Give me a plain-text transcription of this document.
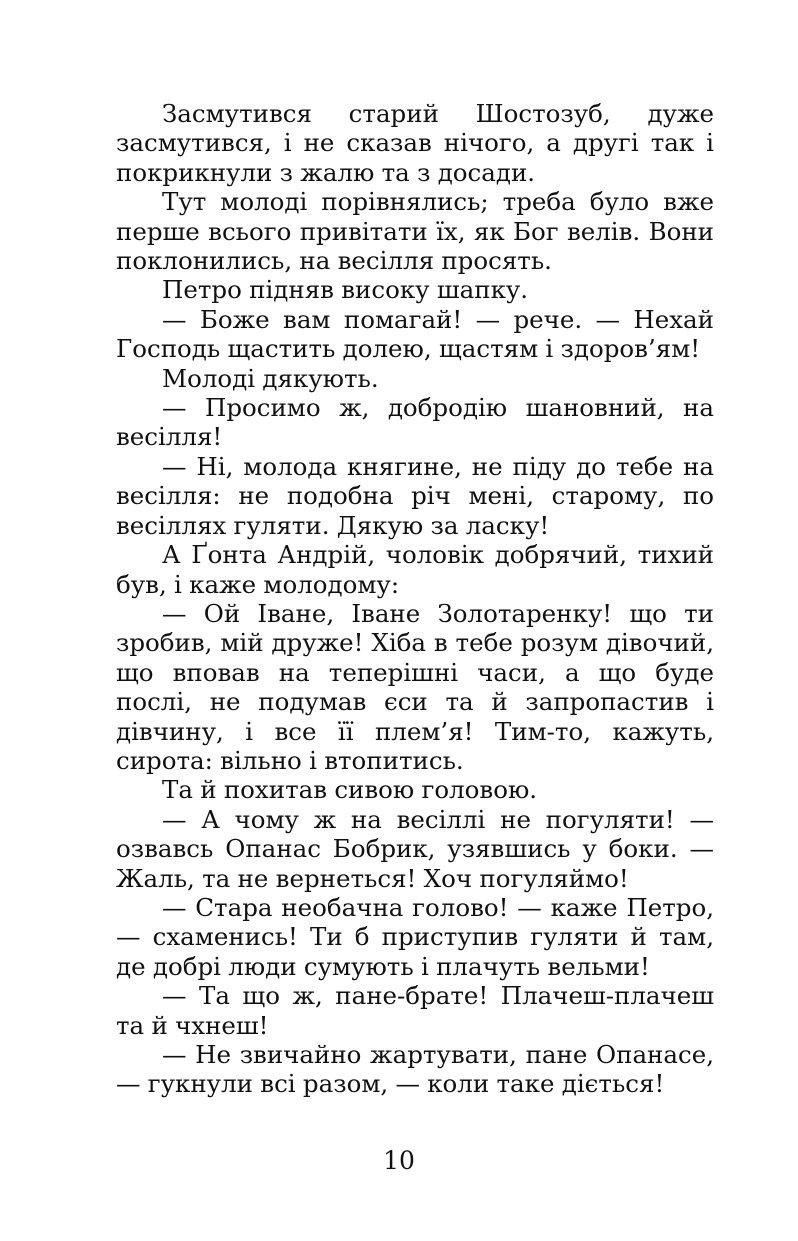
Засмутився старий Шостозуб, дуже засмутився, і не сказав нічого, а другі так і покрикнули з жалю та з досади.

Тут молоді порівнялись; треба було вже перше всього привітати їх, як Бог велів. Вони поклонились, на весілля просять.

Петро підняв високу шапку.

— Боже вам помагай! — рече. — Нехай Господь щастить долею, щастям і здоров’ям!

Молоді дякують.

— Просимо ж, добродію шановний, на весілля!

— Ні, молода княгине, не піду до тебе на весілля: не подобна річ мені, старому, по весіллях гуляти. Дякую за ласку!

А Ґонта Андрій, чоловік добрячий, тихий був, і каже молодому:

— Ой Іване, Іване Золотаренку! що ти зробив, мій друже! Хіба в тебе розум дівочий, що вповав на теперішні часи, а що буде послі, не подумав єси та й запропастив і дівчину, і все її плем’я! Тим-то, кажуть, сирота: вільно і втопитись.

Та й похитав сивою головою.

— А чому ж на весіллі не погуляти! — озвавсь Опанас Бобрик, узявшись у боки. — Жаль, та не вернеться! Хоч погуляймо!

— Стара необачна голово! — каже Петро, — схаменись! Ти б приступив гуляти й там, де добрі люди сумують і плачуть вельми!

— Та що ж, пане-брате! Плачеш-плачеш та й чхнеш!

— Не звичайно жартувати, пане Опанасе, — гукнули всі разом, — коли таке діється!

10
